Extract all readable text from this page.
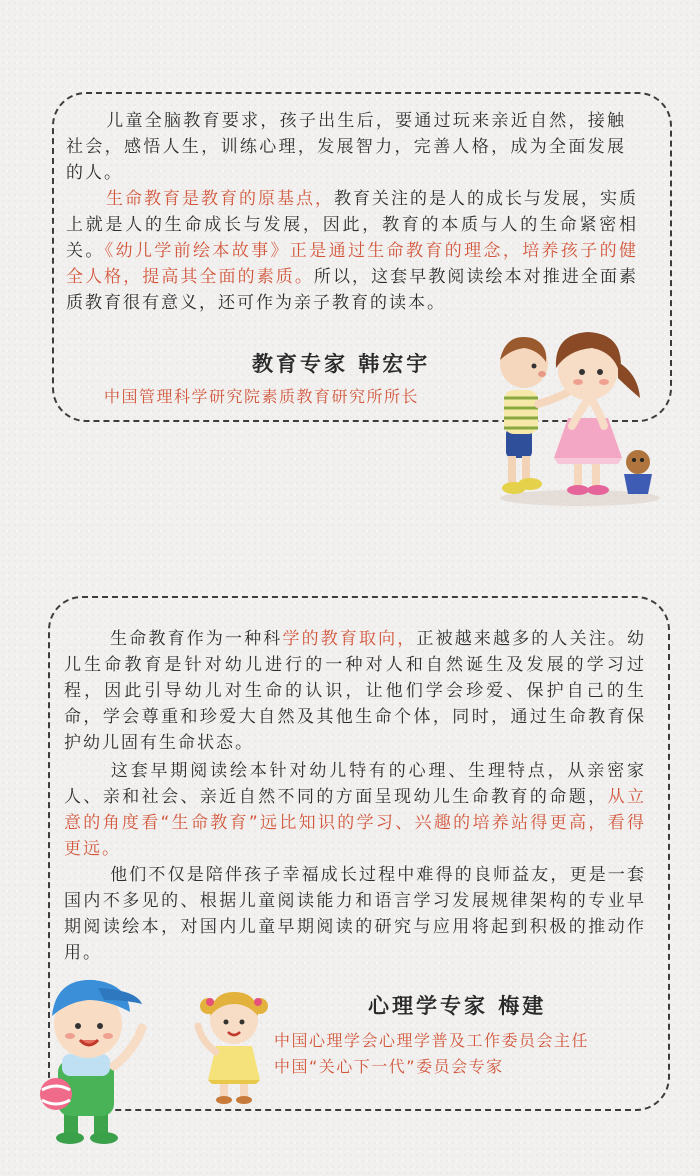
儿童全脑教育要求，孩子出生后，要通过玩来亲近自然，接触社会，感悟人生，训练心理，发展智力，完善人格，成为全面发展的人。

生命教育是教育的原基点，教育关注的是人的成长与发展，实质上就是人的生命成长与发展，因此，教育的本质与人的生命紧密相关。《幼儿学前绘本故事》正是通过生命教育的理念，培养孩子的健全人格，提高其全面的素质。所以，这套早教阅读绘本对推进全面素质教育很有意义，还可作为亲子教育的读本。

教育专家 韩宏宇
中国管理科学研究院素质教育研究所所长

生命教育作为一种科学的教育取向，正被越来越多的人关注。幼儿生命教育是针对幼儿进行的一种对人和自然诞生及发展的学习过程，因此引导幼儿对生命的认识，让他们学会珍爱、保护自己的生命，学会尊重和珍爱大自然及其他生命个体，同时，通过生命教育保护幼儿固有生命状态。

这套早期阅读绘本针对幼儿特有的心理、生理特点，从亲密家人、亲和社会、亲近自然不同的方面呈现幼儿生命教育的命题，从立意的角度看“生命教育”远比知识的学习、兴趣的培养站得更高，看得更远。

他们不仅是陪伴孩子幸福成长过程中难得的良师益友，更是一套国内不多见的、根据儿童阅读能力和语言学习发展规律架构的专业早期阅读绘本，对国内儿童早期阅读的研究与应用将起到积极的推动作用。

心理学专家 梅建
中国心理学会心理学普及工作委员会主任
中国“关心下一代”委员会专家
